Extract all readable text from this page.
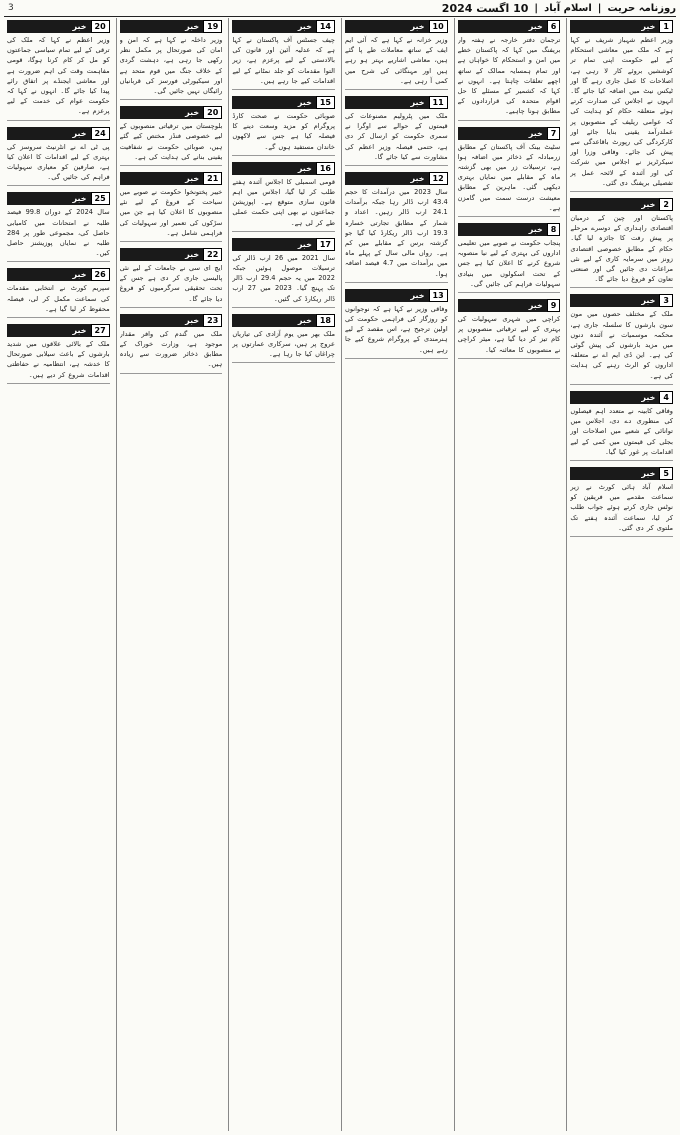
روزنامہ حریت
|
اسلام آباد
|
10 اگست 2024
3
1
خبر

وزیر اعظم شہباز شریف نے کہا ہے کہ ملک میں معاشی استحکام کے لیے حکومت اپنی تمام تر کوششیں بروئے کار لا رہی ہے، اصلاحات کا عمل جاری رہے گا اور ٹیکس نیٹ میں اضافہ کیا جائے گا۔ انہوں نے اجلاس کی صدارت کرتے ہوئے متعلقہ حکام کو ہدایت کی کہ عوامی ریلیف کے منصوبوں پر عملدرآمد یقینی بنایا جائے اور کارکردگی کی رپورٹ باقاعدگی سے پیش کی جائے۔ وفاقی وزرا اور سیکرٹریز نے اجلاس میں شرکت کی اور آئندہ کے لائحہ عمل پر تفصیلی بریفنگ دی گئی۔

2
خبر

پاکستان اور چین کے درمیان اقتصادی راہداری کے دوسرے مرحلے پر پیش رفت کا جائزہ لیا گیا۔ حکام کے مطابق خصوصی اقتصادی زونز میں سرمایہ کاری کے لیے نئی مراعات دی جائیں گی اور صنعتی تعاون کو فروغ دیا جائے گا۔

3
خبر

ملک کے مختلف حصوں میں مون سون بارشوں کا سلسلہ جاری ہے، محکمہ موسمیات نے آئندہ دنوں میں مزید بارشوں کی پیش گوئی کی ہے۔ این ڈی ایم اے نے متعلقہ اداروں کو الرٹ رہنے کی ہدایت کی ہے۔

4
خبر

وفاقی کابینہ نے متعدد اہم فیصلوں کی منظوری دے دی، اجلاس میں توانائی کے شعبے میں اصلاحات اور بجلی کی قیمتوں میں کمی کے لیے اقدامات پر غور کیا گیا۔

5
خبر

اسلام آباد ہائی کورٹ نے زیر سماعت مقدمے میں فریقین کو نوٹس جاری کرتے ہوئے جواب طلب کر لیا، سماعت آئندہ ہفتے تک ملتوی کر دی گئی۔

6
خبر

ترجمان دفتر خارجہ نے ہفتہ وار بریفنگ میں کہا کہ پاکستان خطے میں امن و استحکام کا خواہاں ہے اور تمام ہمسایہ ممالک کے ساتھ اچھے تعلقات چاہتا ہے۔ انہوں نے کہا کہ کشمیر کے مسئلے کا حل اقوام متحدہ کی قراردادوں کے مطابق ہونا چاہیے۔

7
خبر

سٹیٹ بینک آف پاکستان کے مطابق زرمبادلہ کے ذخائر میں اضافہ ہوا ہے، ترسیلات زر میں بھی گزشتہ ماہ کے مقابلے میں نمایاں بہتری دیکھی گئی۔ ماہرین کے مطابق معیشت درست سمت میں گامزن ہے۔

8
خبر

پنجاب حکومت نے صوبے میں تعلیمی اداروں کی بہتری کے لیے نیا منصوبہ شروع کرنے کا اعلان کیا ہے جس کے تحت اسکولوں میں بنیادی سہولیات فراہم کی جائیں گی۔

9
خبر

کراچی میں شہری سہولیات کی بہتری کے لیے ترقیاتی منصوبوں پر کام تیز کر دیا گیا ہے، میئر کراچی نے منصوبوں کا معائنہ کیا۔

10
خبر

وزیر خزانہ نے کہا ہے کہ آئی ایم ایف کے ساتھ معاملات طے پا گئے ہیں، معاشی اشاریے بہتر ہو رہے ہیں اور مہنگائی کی شرح میں کمی آ رہی ہے۔

11
خبر

ملک میں پٹرولیم مصنوعات کی قیمتوں کے حوالے سے اوگرا نے سمری حکومت کو ارسال کر دی ہے، حتمی فیصلہ وزیر اعظم کی مشاورت سے کیا جائے گا۔

12
خبر

سال 2023 میں درآمدات کا حجم 43.4 ارب ڈالر رہا جبکہ برآمدات 24.1 ارب ڈالر رہیں۔ اعداد و شمار کے مطابق تجارتی خسارہ 19.3 ارب ڈالر ریکارڈ کیا گیا جو گزشتہ برس کے مقابلے میں کم ہے۔ رواں مالی سال کے پہلے ماہ میں برآمدات میں 4.7 فیصد اضافہ ہوا۔

13
خبر

وفاقی وزیر نے کہا ہے کہ نوجوانوں کو روزگار کی فراہمی حکومت کی اولین ترجیح ہے، اس مقصد کے لیے ہنرمندی کے پروگرام شروع کیے جا رہے ہیں۔

14
خبر

چیف جسٹس آف پاکستان نے کہا ہے کہ عدلیہ آئین اور قانون کی بالادستی کے لیے پرعزم ہے، زیر التوا مقدمات کو جلد نمٹانے کے لیے اقدامات کیے جا رہے ہیں۔

15
خبر

صوبائی حکومت نے صحت کارڈ پروگرام کو مزید وسعت دینے کا فیصلہ کیا ہے جس سے لاکھوں خاندان مستفید ہوں گے۔

16
خبر

قومی اسمبلی کا اجلاس آئندہ ہفتے طلب کر لیا گیا، اجلاس میں اہم قانون سازی متوقع ہے۔ اپوزیشن جماعتوں نے بھی اپنی حکمت عملی طے کر لی ہے۔

17
خبر

سال 2021 میں 26 ارب ڈالر کی ترسیلات موصول ہوئیں جبکہ 2022 میں یہ حجم 29.4 ارب ڈالر تک پہنچ گیا۔ 2023 میں 27 ارب ڈالر ریکارڈ کی گئیں۔

18
خبر

ملک بھر میں یوم آزادی کی تیاریاں عروج پر ہیں، سرکاری عمارتوں پر چراغاں کیا جا رہا ہے۔

19
خبر

وزیر داخلہ نے کہا ہے کہ امن و امان کی صورتحال پر مکمل نظر رکھی جا رہی ہے، دہشت گردی کے خلاف جنگ میں قوم متحد ہے اور سیکیورٹی فورسز کی قربانیاں رائیگاں نہیں جائیں گی۔

20
خبر

بلوچستان میں ترقیاتی منصوبوں کے لیے خصوصی فنڈز مختص کیے گئے ہیں، صوبائی حکومت نے شفافیت یقینی بنانے کی ہدایت کی ہے۔

21
خبر

خیبر پختونخوا حکومت نے صوبے میں سیاحت کے فروغ کے لیے نئے منصوبوں کا اعلان کیا ہے جن میں سڑکوں کی تعمیر اور سہولیات کی فراہمی شامل ہے۔

22
خبر

ایچ ای سی نے جامعات کے لیے نئی پالیسی جاری کر دی ہے جس کے تحت تحقیقی سرگرمیوں کو فروغ دیا جائے گا۔

23
خبر

ملک میں گندم کی وافر مقدار موجود ہے، وزارت خوراک کے مطابق ذخائر ضرورت سے زیادہ ہیں۔

20
خبر

وزیر اعظم نے کہا کہ ملک کی ترقی کے لیے تمام سیاسی جماعتوں کو مل کر کام کرنا ہوگا، قومی مفاہمت وقت کی اہم ضرورت ہے اور معاشی ایجنڈے پر اتفاق رائے پیدا کیا جائے گا۔ انہوں نے کہا کہ حکومت عوام کی خدمت کے لیے پرعزم ہے۔

24
خبر

پی ٹی اے نے انٹرنیٹ سروسز کی بہتری کے لیے اقدامات کا اعلان کیا ہے، صارفین کو معیاری سہولیات فراہم کی جائیں گی۔

25
خبر

سال 2024 کے دوران 99.8 فیصد طلبہ نے امتحانات میں کامیابی حاصل کی، مجموعی طور پر 284 طلبہ نے نمایاں پوزیشنز حاصل کیں۔

26
خبر

سپریم کورٹ نے انتخابی مقدمات کی سماعت مکمل کر لی، فیصلہ محفوظ کر لیا گیا ہے۔

27
خبر

ملک کے بالائی علاقوں میں شدید بارشوں کے باعث سیلابی صورتحال کا خدشہ ہے، انتظامیہ نے حفاظتی اقدامات شروع کر دیے ہیں۔
